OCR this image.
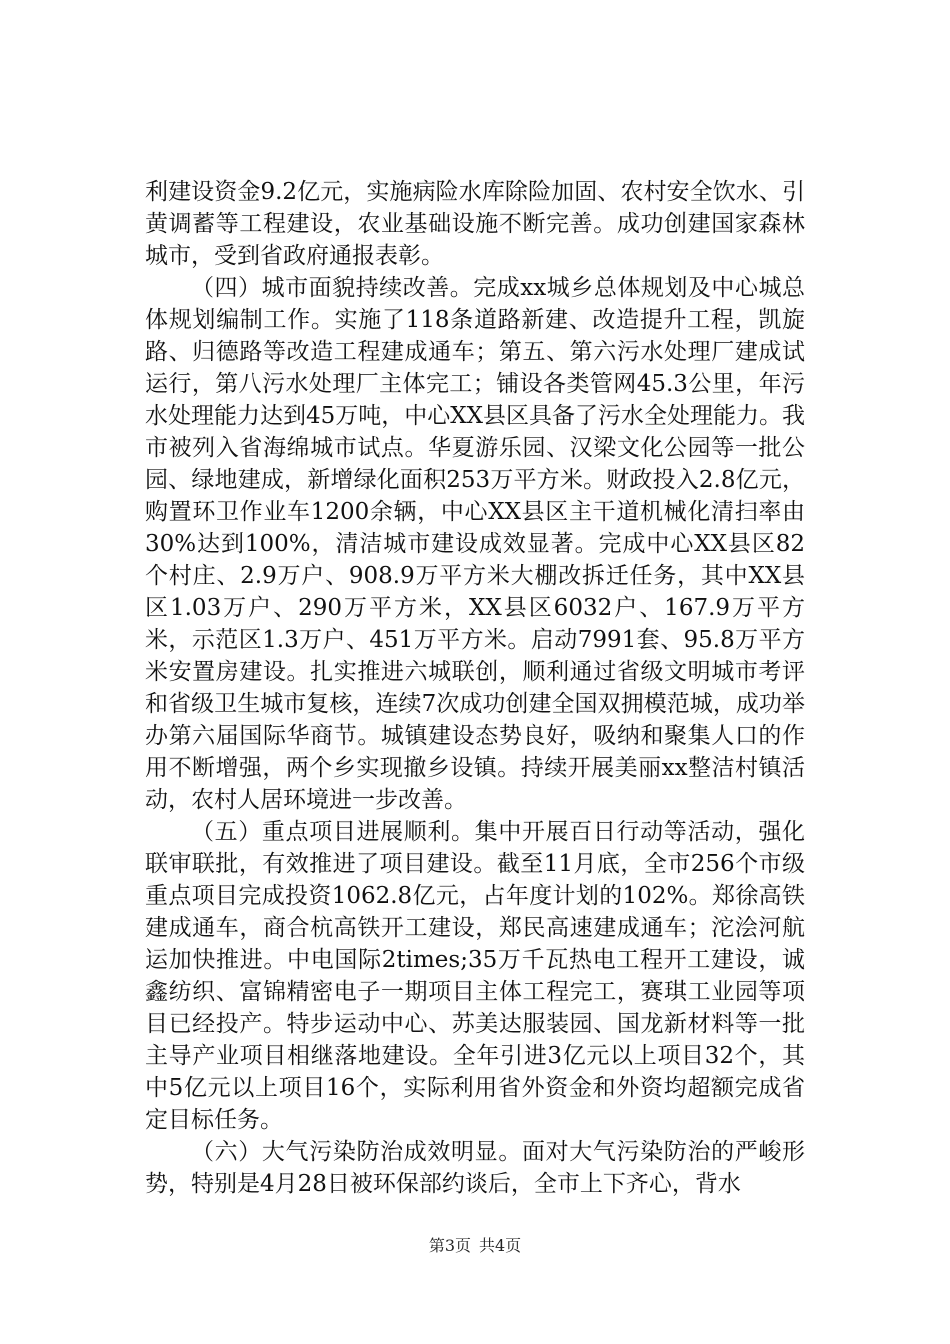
利建设资金9.2亿元，实施病险水库除险加固、农村安全饮水、引黄调蓄等工程建设，农业基础设施不断完善。成功创建国家森林城市，受到省政府通报表彰。

（四）城市面貌持续改善。完成xx城乡总体规划及中心城总体规划编制工作。实施了118条道路新建、改造提升工程，凯旋路、归德路等改造工程建成通车；第五、第六污水处理厂建成试运行，第八污水处理厂主体完工；铺设各类管网45.3公里，年污水处理能力达到45万吨，中心XX县区具备了污水全处理能力。我市被列入省海绵城市试点。华夏游乐园、汉梁文化公园等一批公园、绿地建成，新增绿化面积253万平方米。财政投入2.8亿元，购置环卫作业车1200余辆，中心XX县区主干道机械化清扫率由30%达到100%，清洁城市建设成效显著。完成中心XX县区82个村庄、2.9万户、908.9万平方米大棚改拆迁任务，其中XX县区1.03万户、290万平方米，XX县区6032户、167.9万平方米，示范区1.3万户、451万平方米。启动7991套、95.8万平方米安置房建设。扎实推进六城联创，顺利通过省级文明城市考评和省级卫生城市复核，连续7次成功创建全国双拥模范城，成功举办第六届国际华商节。城镇建设态势良好，吸纳和聚集人口的作用不断增强，两个乡实现撤乡设镇。持续开展美丽xx整洁村镇活动，农村人居环境进一步改善。

（五）重点项目进展顺利。集中开展百日行动等活动，强化联审联批，有效推进了项目建设。截至11月底，全市256个市级重点项目完成投资1062.8亿元，占年度计划的102%。郑徐高铁建成通车，商合杭高铁开工建设，郑民高速建成通车；沱浍河航运加快推进。中电国际2times;35万千瓦热电工程开工建设，诚鑫纺织、富锦精密电子一期项目主体工程完工，赛琪工业园等项目已经投产。特步运动中心、苏美达服装园、国龙新材料等一批主导产业项目相继落地建设。全年引进3亿元以上项目32个，其中5亿元以上项目16个，实际利用省外资金和外资均超额完成省定目标任务。

（六）大气污染防治成效明显。面对大气污染防治的严峻形势，特别是4月28日被环保部约谈后，全市上下齐心，背水

第3页 共4页
